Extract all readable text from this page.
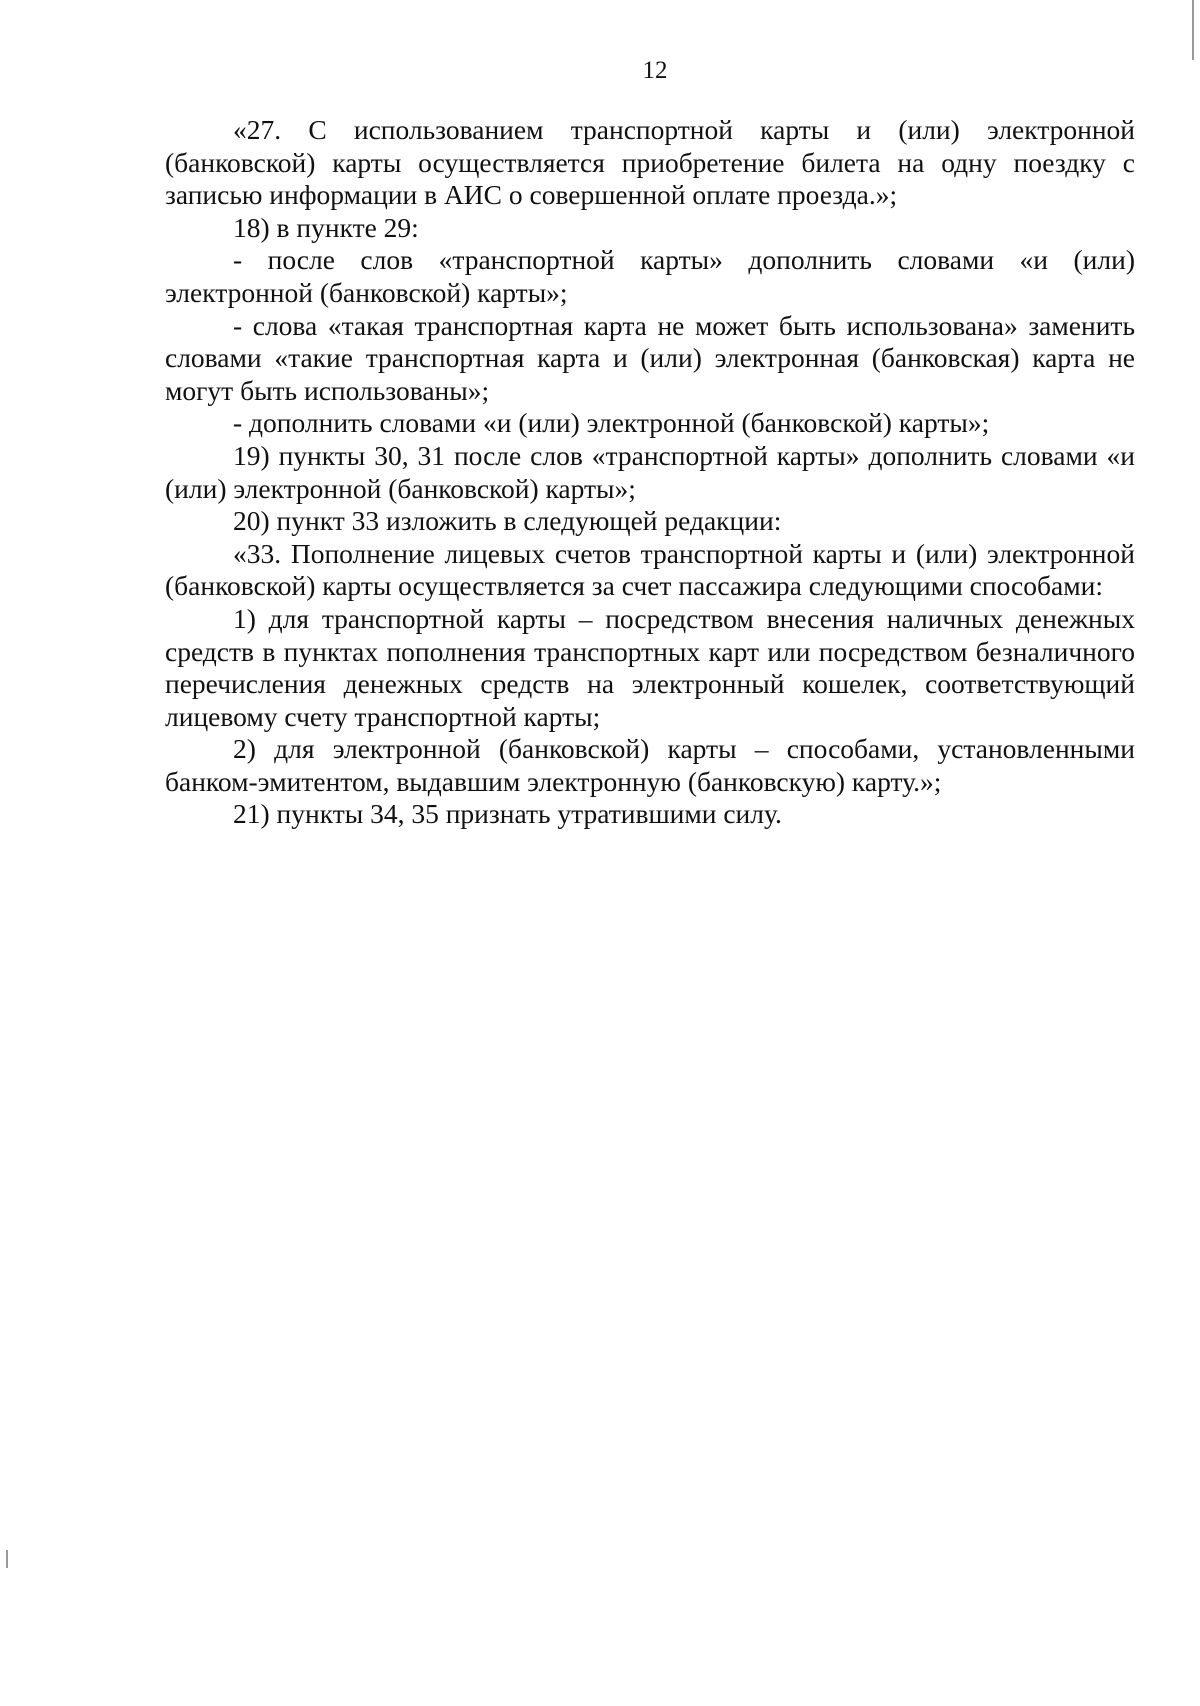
12

«27. С использованием транспортной карты и (или) электронной (банковской) карты осуществляется приобретение билета на одну поездку с записью информации в АИС о совершенной оплате проезда.»;

18) в пункте 29:

- после слов «транспортной карты» дополнить словами «и (или) электронной (банковской) карты»;

- слова «такая транспортная карта не может быть использована» заменить словами «такие транспортная карта и (или) электронная (банковская) карта не могут быть использованы»;

- дополнить словами «и (или) электронной (банковской) карты»;

19) пункты 30, 31 после слов «транспортной карты» дополнить словами «и (или) электронной (банковской) карты»;

20) пункт 33 изложить в следующей редакции:

«33. Пополнение лицевых счетов транспортной карты и (или) электронной (банковской) карты осуществляется за счет пассажира следующими способами:

1) для транспортной карты – посредством внесения наличных денежных средств в пунктах пополнения транспортных карт или посредством безналичного перечисления денежных средств на электронный кошелек, соответствующий лицевому счету транспортной карты;

2) для электронной (банковской) карты – способами, установленными банком-эмитентом, выдавшим электронную (банковскую) карту.»;

21) пункты 34, 35 признать утратившими силу.
